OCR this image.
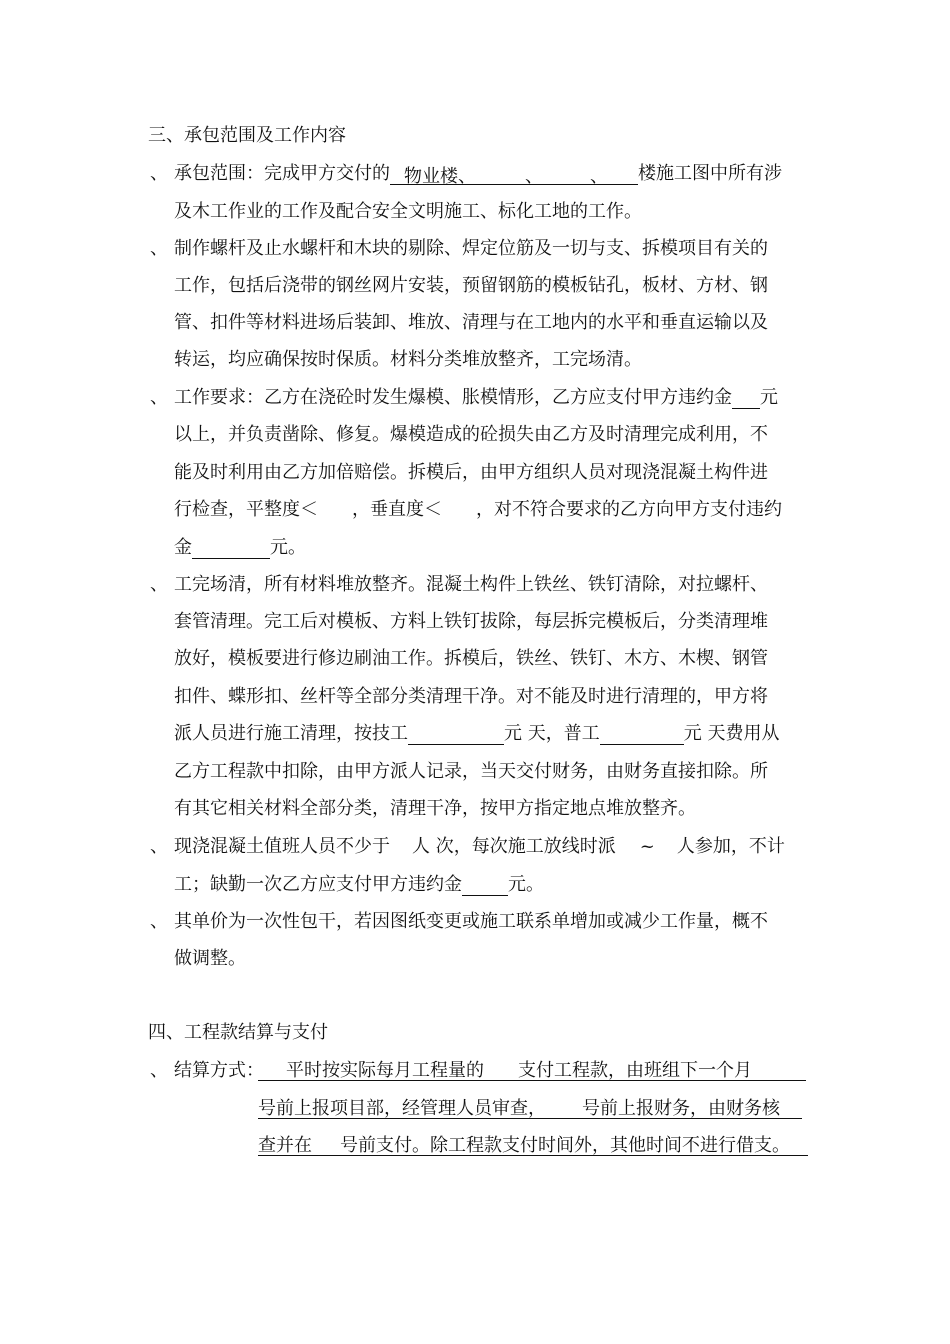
三、承包范围及工作内容
、 承包范围：完成甲方交付的 物业楼、	、	、 楼施工图中所有涉
及木工作业的工作及配合安全文明施工、标化工地的工作。
、 制作螺杆及止水螺杆和木块的剔除、焊定位筋及一切与支、拆模项目有关的
工作，包括后浇带的钢丝网片安装，预留钢筋的模板钻孔，板材、方材、钢
管、扣件等材料进场后装卸、堆放、清理与在工地内的水平和垂直运输以及
转运，均应确保按时保质。材料分类堆放整齐，工完场清。
、 工作要求：乙方在浇砼时发生爆模、胀模情形，乙方应支付甲方违约金 元
以上，并负责凿除、修复。爆模造成的砼损失由乙方及时清理完成利用，不
能及时利用由乙方加倍赔偿。拆模后，由甲方组织人员对现浇混凝土构件进
行检查，平整度＜ ，垂直度＜ ，对不符合要求的乙方向甲方支付违约
金	元。
、 工完场清，所有材料堆放整齐。混凝土构件上铁丝、铁钉清除，对拉螺杆、
套管清理。完工后对模板、方料上铁钉拔除，每层拆完模板后，分类清理堆
放好，模板要进行修边刷油工作。拆模后，铁丝、铁钉、木方、木楔、钢管
扣件、蝶形扣、丝杆等全部分类清理干净。对不能及时进行清理的，甲方将
派人员进行施工清理，按技工	元 天，普工	元 天费用从
乙方工程款中扣除，由甲方派人记录，当天交付财务，由财务直接扣除。所
有其它相关材料全部分类，清理干净，按甲方指定地点堆放整齐。
、 现浇混凝土值班人员不少于 人 次，每次施工放线时派 ~ 人参加，不计
工；缺勤一次乙方应支付甲方违约金	元。
、 其单价为一次性包干，若因图纸变更或施工联系单增加或减少工作量，概不
做调整。
四、工程款结算与支付
、 结算方式：	平时按实际每月工程量的 支付工程款，由班组下一个月
号前上报项目部，经管理人员审查， 号前上报财务，由财务核
查并在 号前支付。除工程款支付时间外，其他时间不进行借支。
